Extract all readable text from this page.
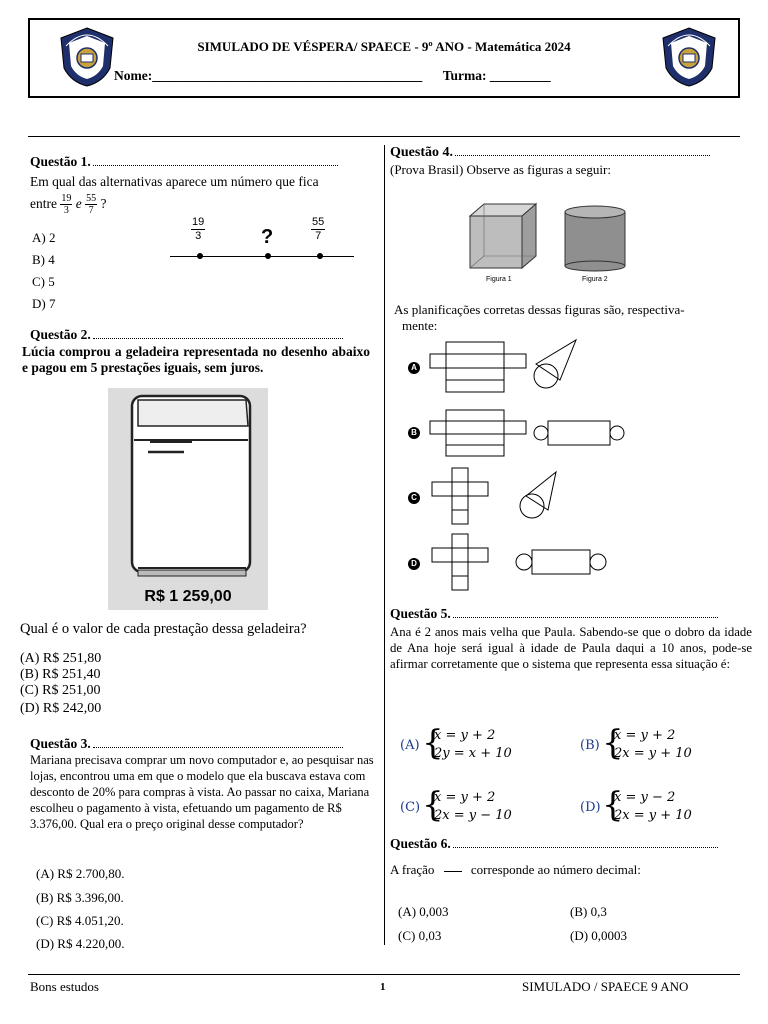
SIMULADO DE VÉSPERA/ SPAECE - 9º ANO - Matemática 2024
Nome:________________________________________ Turma: _________
Questão 1.
Em qual das alternativas aparece um número que fica
entre $\frac{19}{3}$ e $\frac{55}{7}$ ?
A) 2
B) 4
C) 5
D) 7
$\frac{19}{3}$	?	$\frac{55}{7}$
Questão 2.
Lúcia comprou a geladeira representada no desenho abaixo e pagou em 5 prestações iguais, sem juros.
R$ 1 259,00
Qual é o valor de cada prestação dessa geladeira?
(A) R$ 251,80
(B) R$ 251,40
(C) R$ 251,00
(D) R$ 242,00
Questão 3.
Mariana precisava comprar um novo computador e, ao pesquisar nas lojas, encontrou uma em que o modelo que ela buscava estava com desconto de 20% para compras à vista. Ao passar no caixa, Mariana escolheu o pagamento à vista, efetuando um pagamento de R$ 3.376,00. Qual era o preço original desse computador?
(A) R$ 2.700,80.
(B) R$ 3.396,00.
(C) R$ 4.051,20.
(D) R$ 4.220,00.
Questão 4.
(Prova Brasil) Observe as figuras a seguir:
Figura 1	Figura 2
As planificações corretas dessas figuras são, respectiva-
mente:
A
B
C
D
Questão 5.
Ana é 2 anos mais velha que Paula. Sabendo-se que o dobro da idade de Ana hoje será igual à idade de Paula daqui a 10 anos, pode-se afirmar corretamente que o sistema que representa essa situação é:
(A) {
x = y + 2
2y = x + 10
(B) {
x = y + 2
2x = y + 10
(C) {
x = y + 2
2x = y − 10
(D) {
x = y − 2
2x = y + 10
Questão 6.
A fração	corresponde ao número decimal:
(A) 0,003	(B) 0,3
(C) 0,03	(D) 0,0003
Bons estudos	1	SIMULADO / SPAECE 9 ANO
